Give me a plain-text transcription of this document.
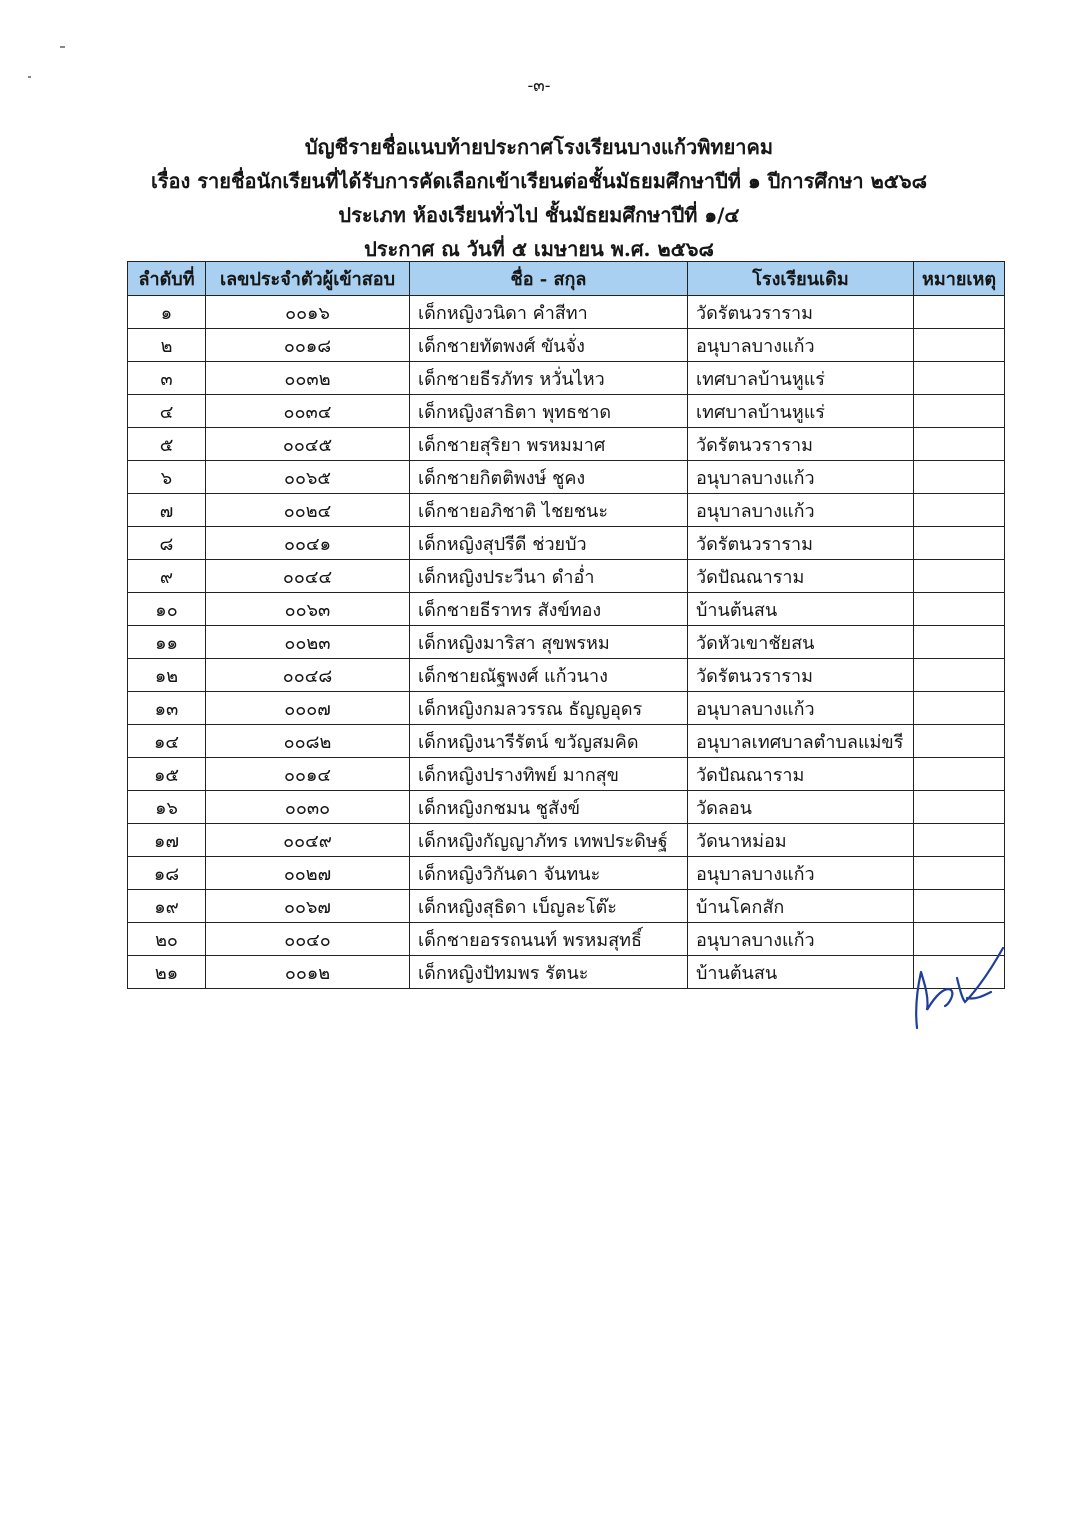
-๓-
บัญชีรายชื่อแนบท้ายประกาศโรงเรียนบางแก้วพิทยาคม
เรื่อง รายชื่อนักเรียนที่ได้รับการคัดเลือกเข้าเรียนต่อชั้นมัธยมศึกษาปีที่ ๑ ปีการศึกษา ๒๕๖๘
ประเภท ห้องเรียนทั่วไป ชั้นมัธยมศึกษาปีที่ ๑/๔
ประกาศ ณ วันที่ ๕ เมษายน พ.ศ. ๒๕๖๘
ลำดับที่	เลขประจำตัวผู้เข้าสอบ	ชื่อ - สกุล	โรงเรียนเดิม	หมายเหตุ
๑	๐๐๑๖	เด็กหญิงวนิดา คำสีทา	วัดรัตนวราราม	
๒	๐๐๑๘	เด็กชายทัตพงศ์ ขันจั่ง	อนุบาลบางแก้ว	
๓	๐๐๓๒	เด็กชายธีรภัทร หวั่นไหว	เทศบาลบ้านหูแร่	
๔	๐๐๓๔	เด็กหญิงสาธิตา พุทธชาด	เทศบาลบ้านหูแร่	
๕	๐๐๔๕	เด็กชายสุริยา พรหมมาศ	วัดรัตนวราราม	
๖	๐๐๖๕	เด็กชายกิตติพงษ์ ชูคง	อนุบาลบางแก้ว	
๗	๐๐๒๔	เด็กชายอภิชาติ ไชยชนะ	อนุบาลบางแก้ว	
๘	๐๐๔๑	เด็กหญิงสุปรีดี ช่วยบัว	วัดรัตนวราราม	
๙	๐๐๔๔	เด็กหญิงประวีนา ดำอ่ำ	วัดปัณณาราม	
๑๐	๐๐๖๓	เด็กชายธีราทร สังข์ทอง	บ้านต้นสน	
๑๑	๐๐๒๓	เด็กหญิงมาริสา สุขพรหม	วัดหัวเขาชัยสน	
๑๒	๐๐๔๘	เด็กชายณัฐพงศ์ แก้วนาง	วัดรัตนวราราม	
๑๓	๐๐๐๗	เด็กหญิงกมลวรรณ ธัญญอุดร	อนุบาลบางแก้ว	
๑๔	๐๐๘๒	เด็กหญิงนารีรัตน์ ขวัญสมคิด	อนุบาลเทศบาลตำบลแม่ขรี	
๑๕	๐๐๑๔	เด็กหญิงปรางทิพย์ มากสุข	วัดปัณณาราม	
๑๖	๐๐๓๐	เด็กหญิงกชมน ชูสังข์	วัดลอน	
๑๗	๐๐๔๙	เด็กหญิงกัญญาภัทร เทพประดิษฐ์	วัดนาหม่อม	
๑๘	๐๐๒๗	เด็กหญิงวิกันดา จันทนะ	อนุบาลบางแก้ว	
๑๙	๐๐๖๗	เด็กหญิงสุธิดา เบ็ญละโต๊ะ	บ้านโคกสัก	
๒๐	๐๐๔๐	เด็กชายอรรถนนท์ พรหมสุทธิ์	อนุบาลบางแก้ว	
๒๑	๐๐๑๒	เด็กหญิงปัทมพร รัตนะ	บ้านต้นสน	
